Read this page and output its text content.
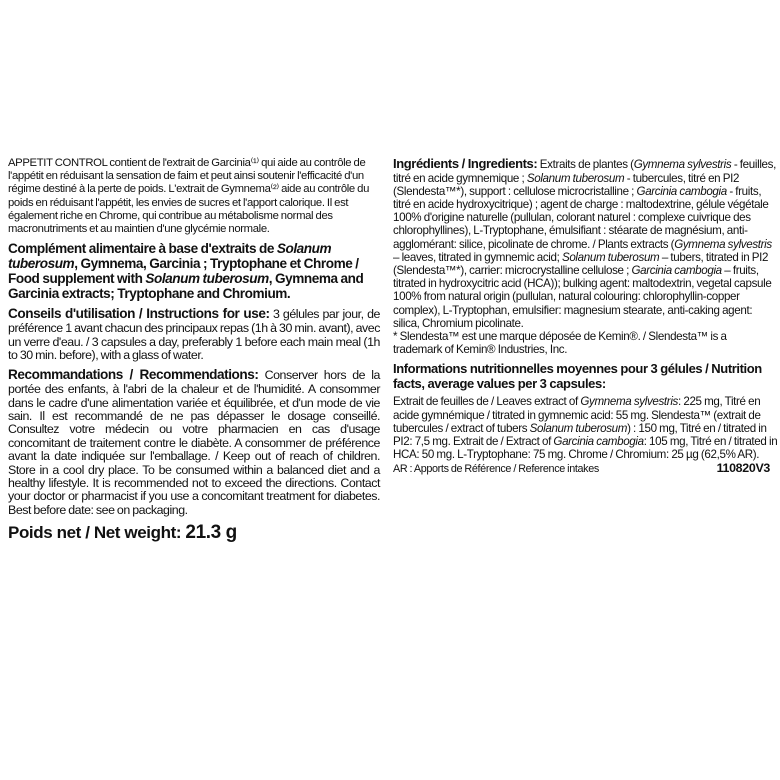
APPETIT CONTROL contient de l'extrait de Garcinia⁽¹⁾ qui aide au contrôle de l'appétit en réduisant la sensation de faim et peut ainsi soutenir l'efficacité d'un régime destiné à la perte de poids. L'extrait de Gymnema⁽²⁾ aide au contrôle du poids en réduisant l'appétit, les envies de sucres et l'apport calorique. Il est également riche en Chrome, qui contribue au métabolisme normal des macronutriments et au maintien d'une glycémie normale.

Complément alimentaire à base d'extraits de Solanum tuberosum, Gymnema, Garcinia ; Tryptophane et Chrome / Food supplement with Solanum tuberosum, Gymnema and Garcinia extracts; Tryptophane and Chromium.

Conseils d'utilisation / Instructions for use: 3 gélules par jour, de préférence 1 avant chacun des principaux repas (1h à 30 min. avant), avec un verre d'eau. / 3 capsules a day, preferably 1 before each main meal (1h to 30 min. before), with a glass of water.

Recommandations / Recommendations: Conserver hors de la portée des enfants, à l'abri de la chaleur et de l'humidité. A consommer dans le cadre d'une alimentation variée et équilibrée, et d'un mode de vie sain. Il est recommandé de ne pas dépasser le dosage conseillé. Consultez votre médecin ou votre pharmacien en cas d'usage concomitant de traitement contre le diabète. A consommer de préférence avant la date indiquée sur l'emballage. / Keep out of reach of children. Store in a cool dry place. To be consumed within a balanced diet and a healthy lifestyle. It is recommended not to exceed the directions. Contact your doctor or pharmacist if you use a concomitant treatment for diabetes. Best before date: see on packaging.

Poids net / Net weight: 21.3 g

Ingrédients / Ingredients: Extraits de plantes (Gymnema sylvestris - feuilles, titré en acide gymnemique ; Solanum tuberosum - tubercules, titré en PI2 (Slendesta™*), support : cellulose microcristalline ; Garcinia cambogia - fruits, titré en acide hydroxycitrique) ; agent de charge : maltodextrine, gélule végétale 100% d'origine naturelle (pullulan, colorant naturel : complexe cuivrique des chlorophyllines), L-Tryptophane, émulsifiant : stéarate de magnésium, anti-agglomérant: silice, picolinate de chrome. / Plants extracts (Gymnema sylvestris – leaves, titrated in gymnemic acid; Solanum tuberosum – tubers, titrated in PI2 (Slendesta™*), carrier: microcrystalline cellulose ; Garcinia cambogia – fruits, titrated in hydroxycitric acid (HCA)); bulking agent: maltodextrin, vegetal capsule 100% from natural origin (pullulan, natural colouring: chlorophyllin-copper complex), L-Tryptophan, emulsifier: magnesium stearate, anti-caking agent: silica, Chromium picolinate.

* Slendesta™ est une marque déposée de Kemin®. / Slendesta™ is a trademark of Kemin® Industries, Inc.

Informations nutritionnelles moyennes pour 3 gélules / Nutrition facts, average values per 3 capsules:

Extrait de feuilles de / Leaves extract of Gymnema sylvestris: 225 mg, Titré en acide gymnémique / titrated in gymnemic acid: 55 mg. Slendesta™ (extrait de tubercules / extract of tubers Solanum tuberosum) : 150 mg, Titré en / titrated in PI2: 7,5 mg. Extrait de / Extract of Garcinia cambogia: 105 mg, Titré en / titrated in HCA: 50 mg. L-Tryptophane: 75 mg. Chrome / Chromium: 25 µg (62,5% AR).

AR : Apports de Référence / Reference intakes	110820V3
